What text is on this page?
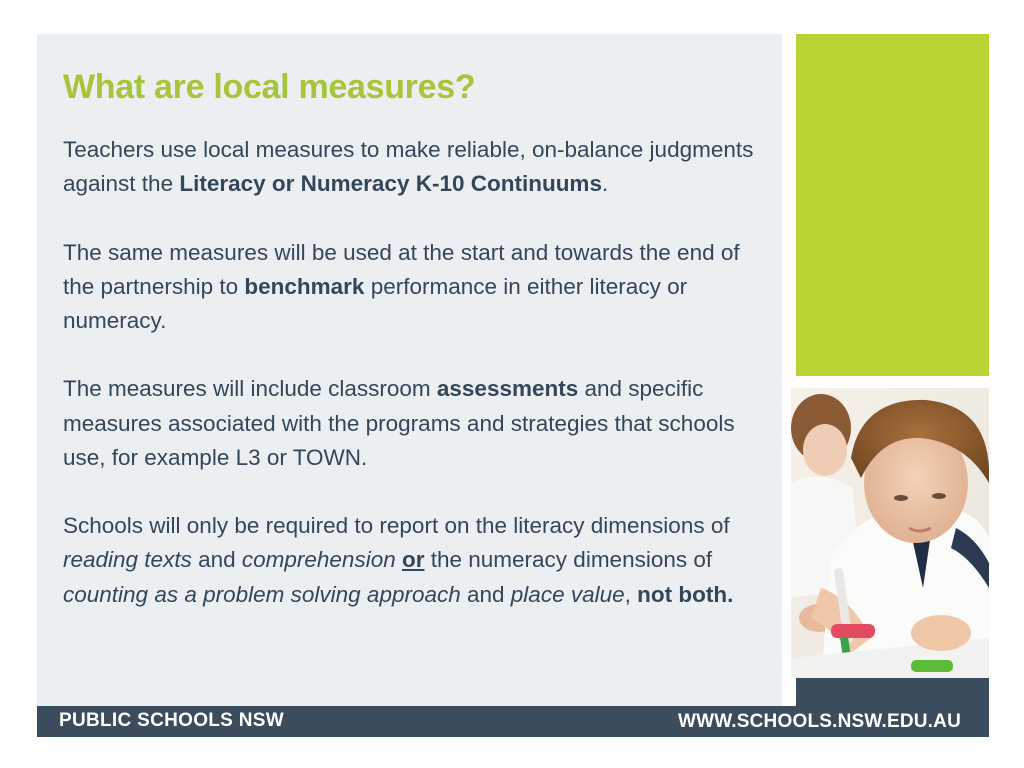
What are local measures?

Teachers use local measures to make reliable, on-balance judgments against the Literacy or Numeracy K-10 Continuums.

The same measures will be used at the start and towards the end of the partnership to benchmark performance in either literacy or numeracy.

The measures will include classroom assessments and specific measures associated with the programs and strategies that schools use, for example L3 or TOWN.

Schools will only be required to report on the literacy dimensions of reading texts and comprehension or the numeracy dimensions of counting as a problem solving approach and place value, not both.

PUBLIC SCHOOLS NSW	WWW.SCHOOLS.NSW.EDU.AU
